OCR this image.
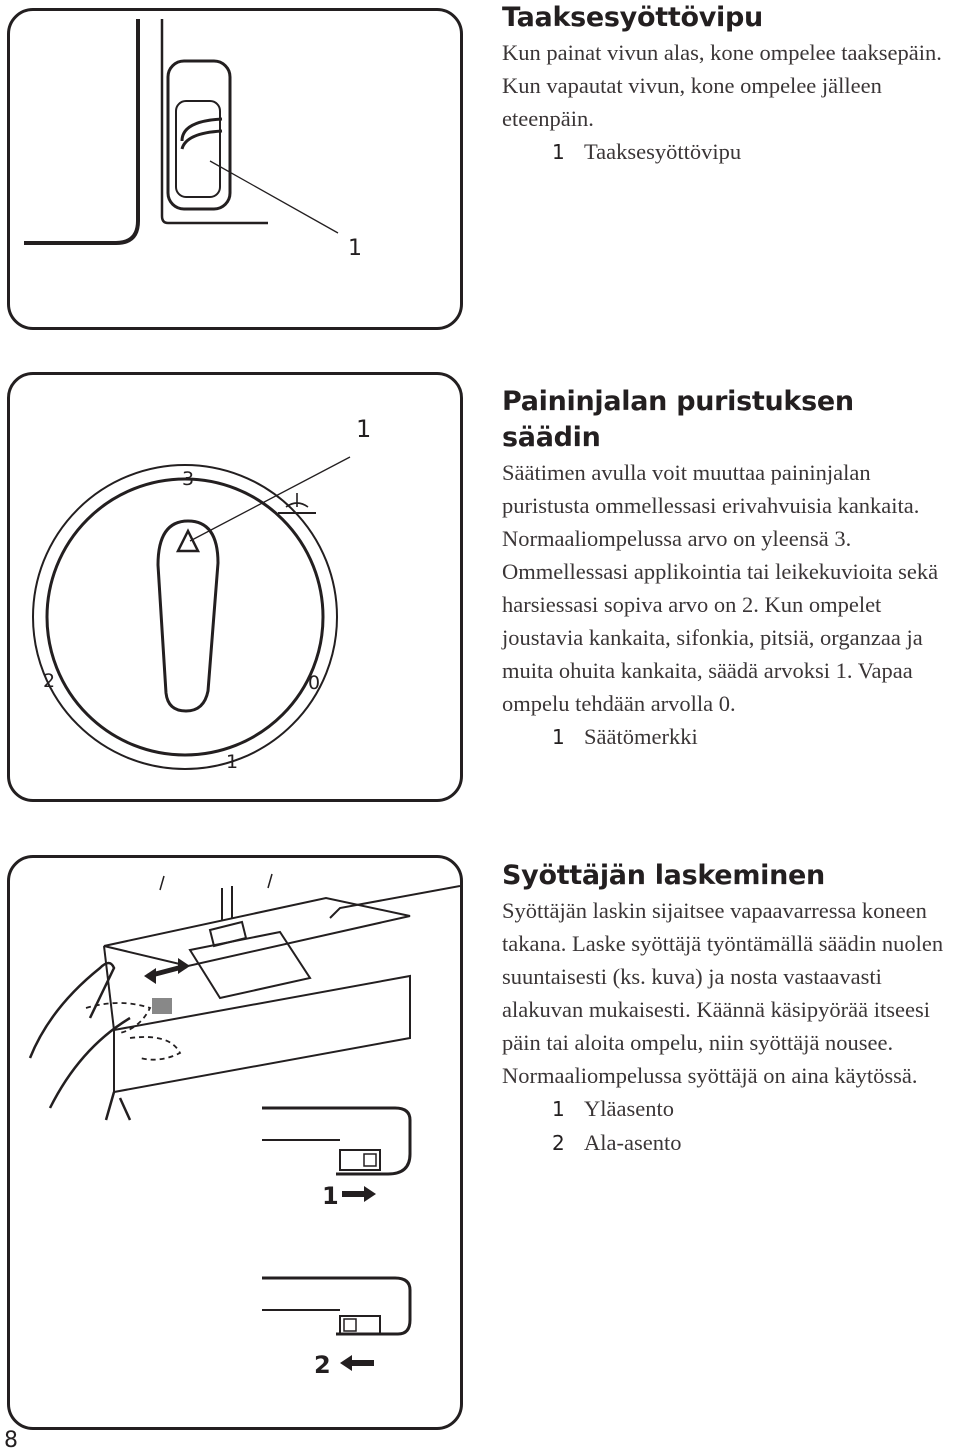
1
1
3
2
1
0
1
2
Taaksesyöttövipu

Kun painat vivun alas, kone ompelee taaksepäin. Kun vapautat vivun, kone ompelee jälleen eteenpäin.

1 Taaksesyöttövipu
Paininjalan puristuksen säädin

Säätimen avulla voit muuttaa paininjalan puristusta ommellessasi erivahvuisia kankaita. Normaaliompelussa arvo on yleensä 3. Ommellessasi applikointia tai leikekuvioita sekä harsiessasi sopiva arvo on 2. Kun ompelet joustavia kankaita, sifonkia, pitsiä, organzaa ja muita ohuita kankaita, säädä arvoksi 1. Vapaa ompelu tehdään arvolla 0.

1 Säätömerkki
Syöttäjän laskeminen

Syöttäjän laskin sijaitsee vapaavarressa koneen takana. Laske syöttäjä työntämällä säädin nuolen suuntaisesti (ks. kuva) ja nosta vastaavasti alakuvan mukaisesti. Käännä käsipyörää itseesi päin tai aloita ompelu, niin syöttäjä nousee. Normaaliompelussa syöttäjä on aina käytössä.

1 Yläasento
2 Ala-asento
8
